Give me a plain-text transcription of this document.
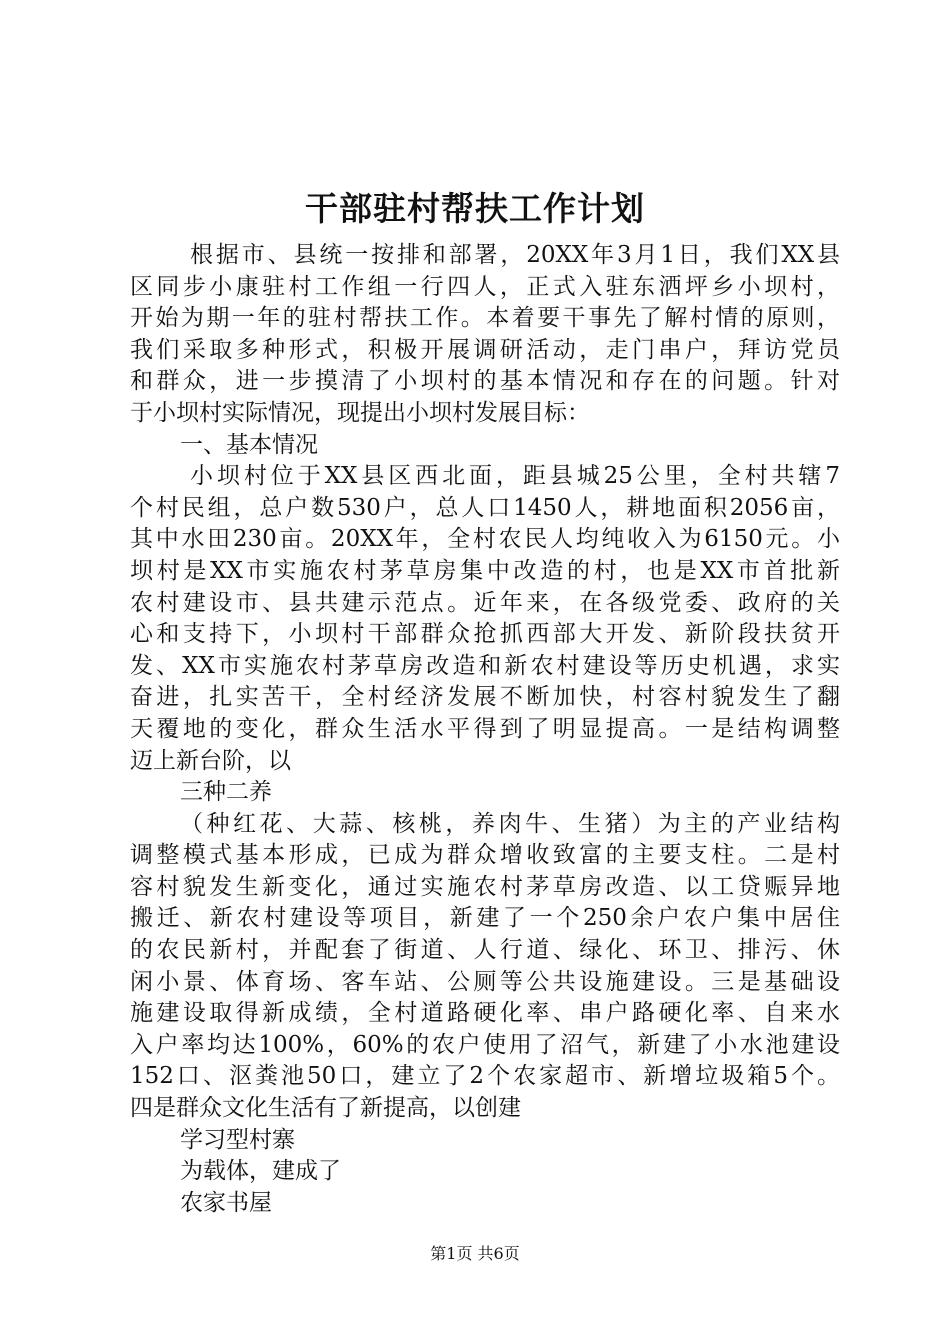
干部驻村帮扶工作计划
根据市、县统一按排和部署，20XX年3月1日，我们XX县
区同步小康驻村工作组一行四人，正式入驻东洒坪乡小坝村，
开始为期一年的驻村帮扶工作。本着要干事先了解村情的原则，
我们采取多种形式，积极开展调研活动，走门串户，拜访党员
和群众，进一步摸清了小坝村的基本情况和存在的问题。针对
于小坝村实际情况，现提出小坝村发展目标：
一、基本情况
小坝村位于XX县区西北面，距县城25公里，全村共辖7
个村民组，总户数530户，总人口1450人，耕地面积2056亩，
其中水田230亩。20XX年，全村农民人均纯收入为6150元。小
坝村是XX市实施农村茅草房集中改造的村，也是XX市首批新
农村建设市、县共建示范点。近年来，在各级党委、政府的关
心和支持下，小坝村干部群众抢抓西部大开发、新阶段扶贫开
发、XX市实施农村茅草房改造和新农村建设等历史机遇，求实
奋进，扎实苦干，全村经济发展不断加快，村容村貌发生了翻
天覆地的变化，群众生活水平得到了明显提高。一是结构调整
迈上新台阶，以
三种二养
（种红花、大蒜、核桃，养肉牛、生猪）为主的产业结构
调整模式基本形成，已成为群众增收致富的主要支柱。二是村
容村貌发生新变化，通过实施农村茅草房改造、以工贷赈异地
搬迁、新农村建设等项目，新建了一个250余户农户集中居住
的农民新村，并配套了街道、人行道、绿化、环卫、排污、休
闲小景、体育场、客车站、公厕等公共设施建设。三是基础设
施建设取得新成绩，全村道路硬化率、串户路硬化率、自来水
入户率均达100%，60%的农户使用了沼气，新建了小水池建设
152口、沤粪池50口，建立了2个农家超市、新增垃圾箱5个。
四是群众文化生活有了新提高，以创建
学习型村寨
为载体，建成了
农家书屋
第1页 共6页
